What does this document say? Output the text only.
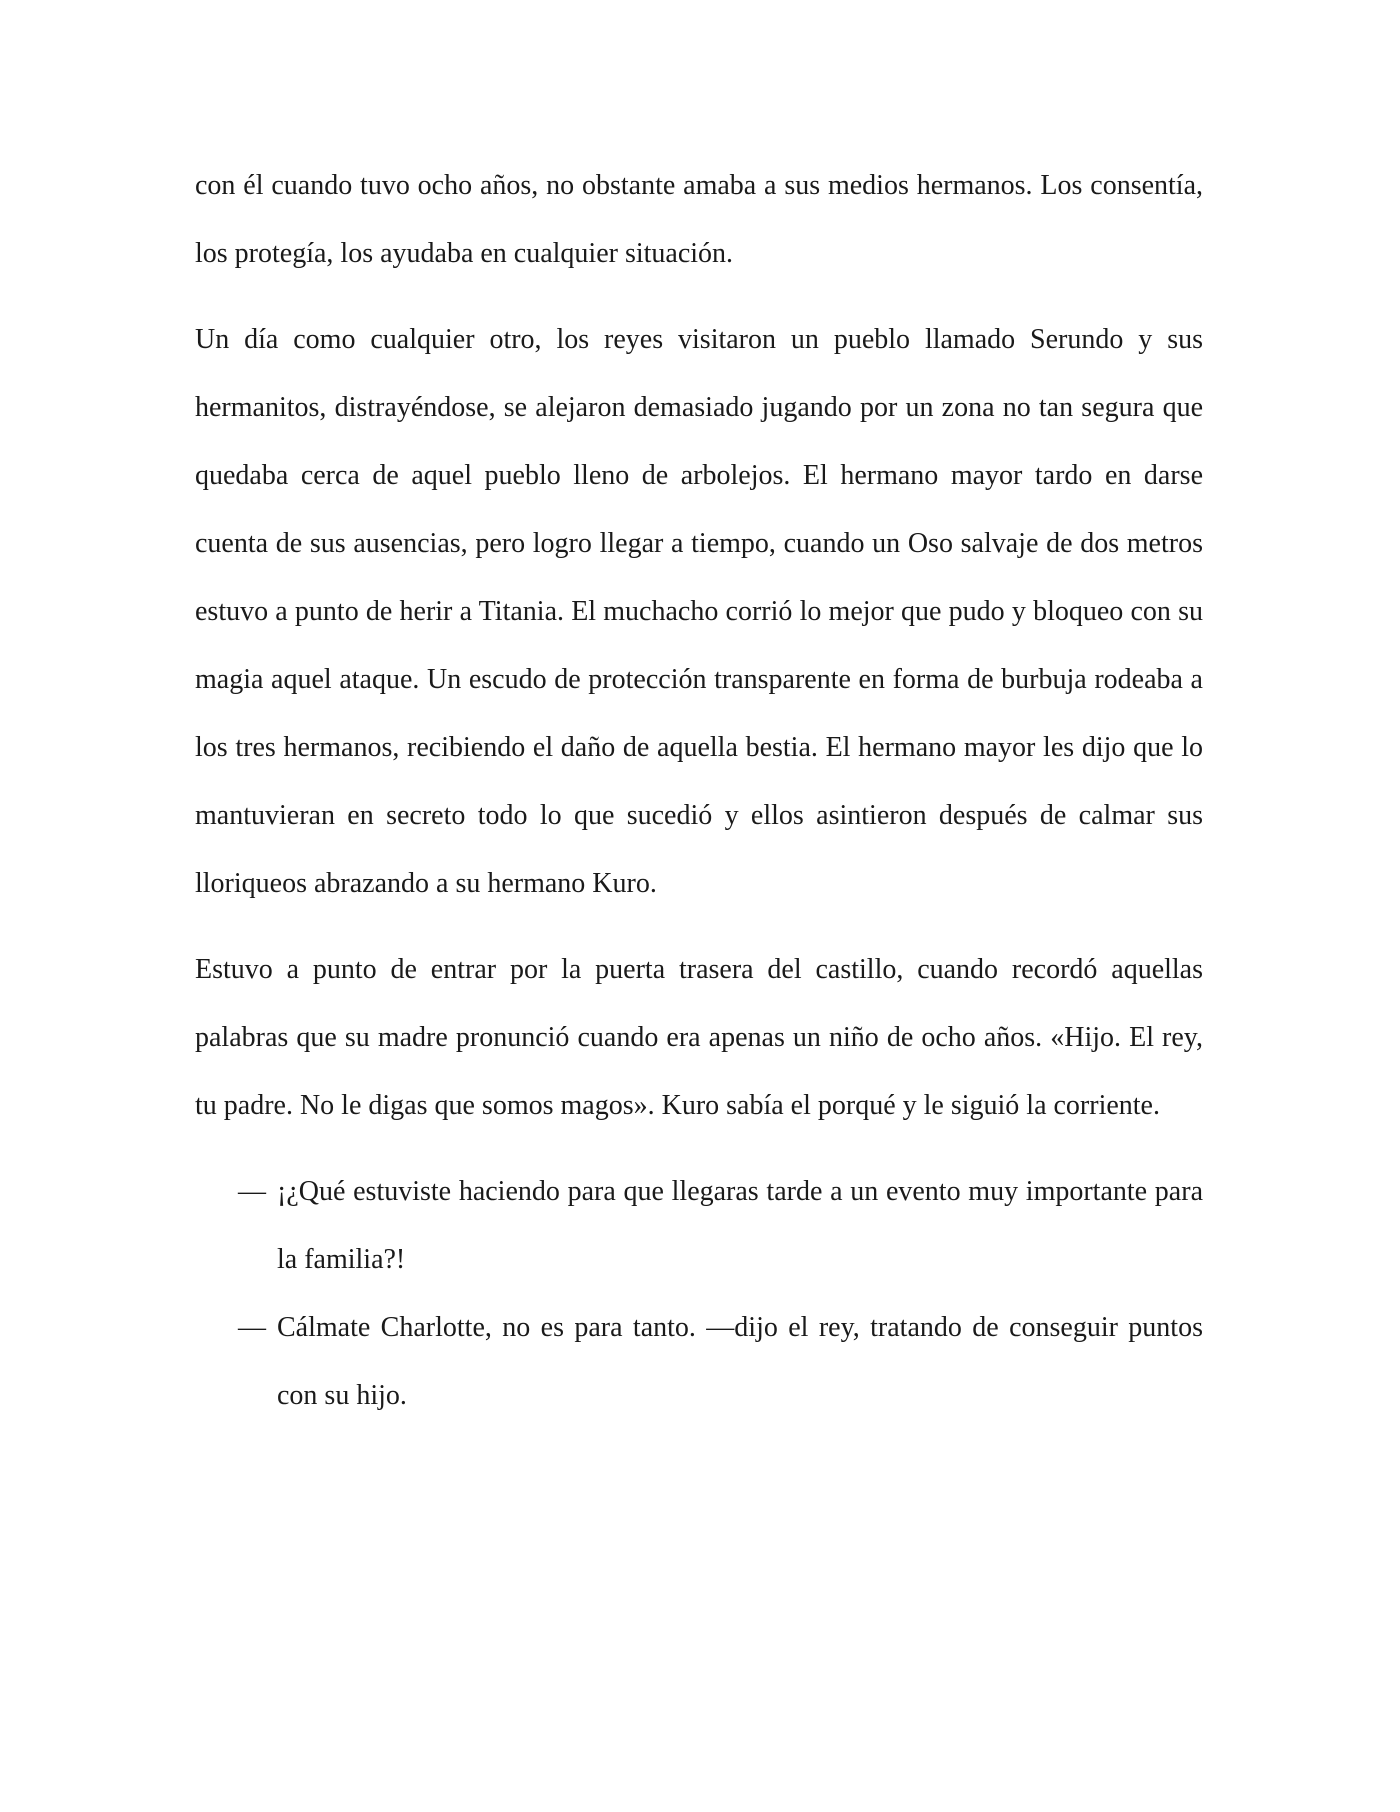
con él cuando tuvo ocho años, no obstante amaba a sus medios hermanos. Los consentía, los protegía, los ayudaba en cualquier situación.

Un día como cualquier otro, los reyes visitaron un pueblo llamado Serundo y sus hermanitos, distrayéndose, se alejaron demasiado jugando por un zona no tan segura que quedaba cerca de aquel pueblo lleno de arbolejos. El hermano mayor tardo en darse cuenta de sus ausencias, pero logro llegar a tiempo, cuando un Oso salvaje de dos metros estuvo a punto de herir a Titania. El muchacho corrió lo mejor que pudo y bloqueo con su magia aquel ataque. Un escudo de protección transparente en forma de burbuja rodeaba a los tres hermanos, recibiendo el daño de aquella bestia. El hermano mayor les dijo que lo mantuvieran en secreto todo lo que sucedió y ellos asintieron después de calmar sus lloriqueos abrazando a su hermano Kuro.

Estuvo a punto de entrar por la puerta trasera del castillo, cuando recordó aquellas palabras que su madre pronunció cuando era apenas un niño de ocho años. «Hijo. El rey, tu padre. No le digas que somos magos». Kuro sabía el porqué y le siguió la corriente.

— ¡¿Qué estuviste haciendo para que llegaras tarde a un evento muy importante para la familia?!
— Cálmate Charlotte, no es para tanto. —dijo el rey, tratando de conseguir puntos con su hijo.
